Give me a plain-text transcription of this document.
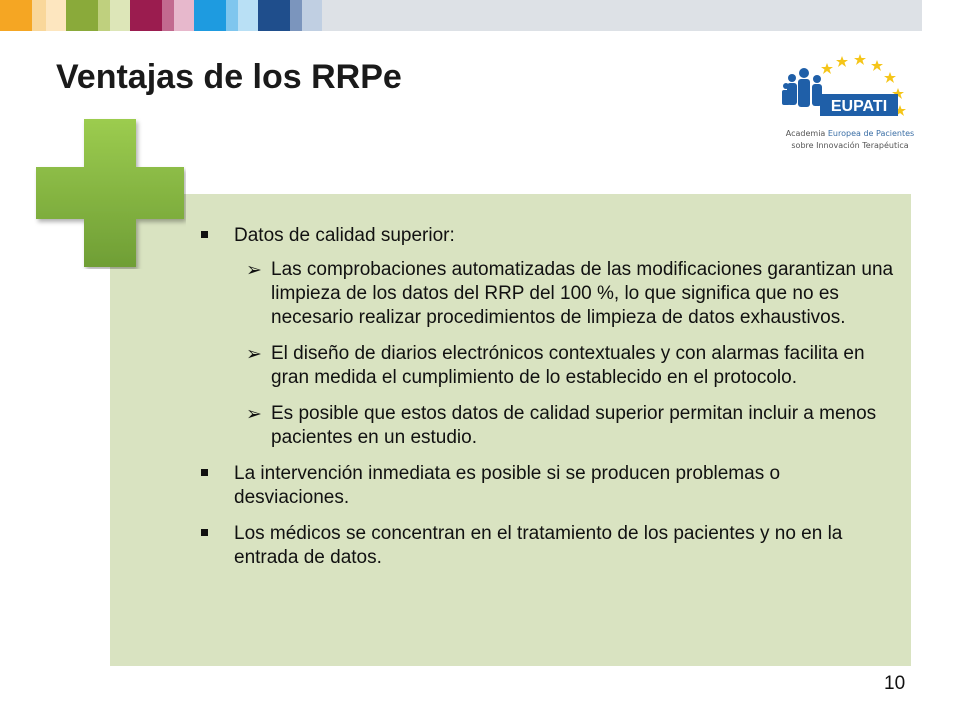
Ventajas de los RRPe
EUPATI
Academia Europea de Pacientes
sobre Innovación Terapéutica
Datos de calidad superior:
➢ Las comprobaciones automatizadas de las modificaciones garantizan una limpieza de los datos del RRP del 100 %, lo que significa que no es necesario realizar procedimientos de limpieza de datos exhaustivos.
➢ El diseño de diarios electrónicos contextuales y con alarmas facilita en gran medida el cumplimiento de lo establecido en el protocolo.
➢ Es posible que estos datos de calidad superior permitan incluir a menos pacientes en un estudio.
La intervención inmediata es posible si se producen problemas o desviaciones.
Los médicos se concentran en el tratamiento de los pacientes y no en la entrada de datos.
10
